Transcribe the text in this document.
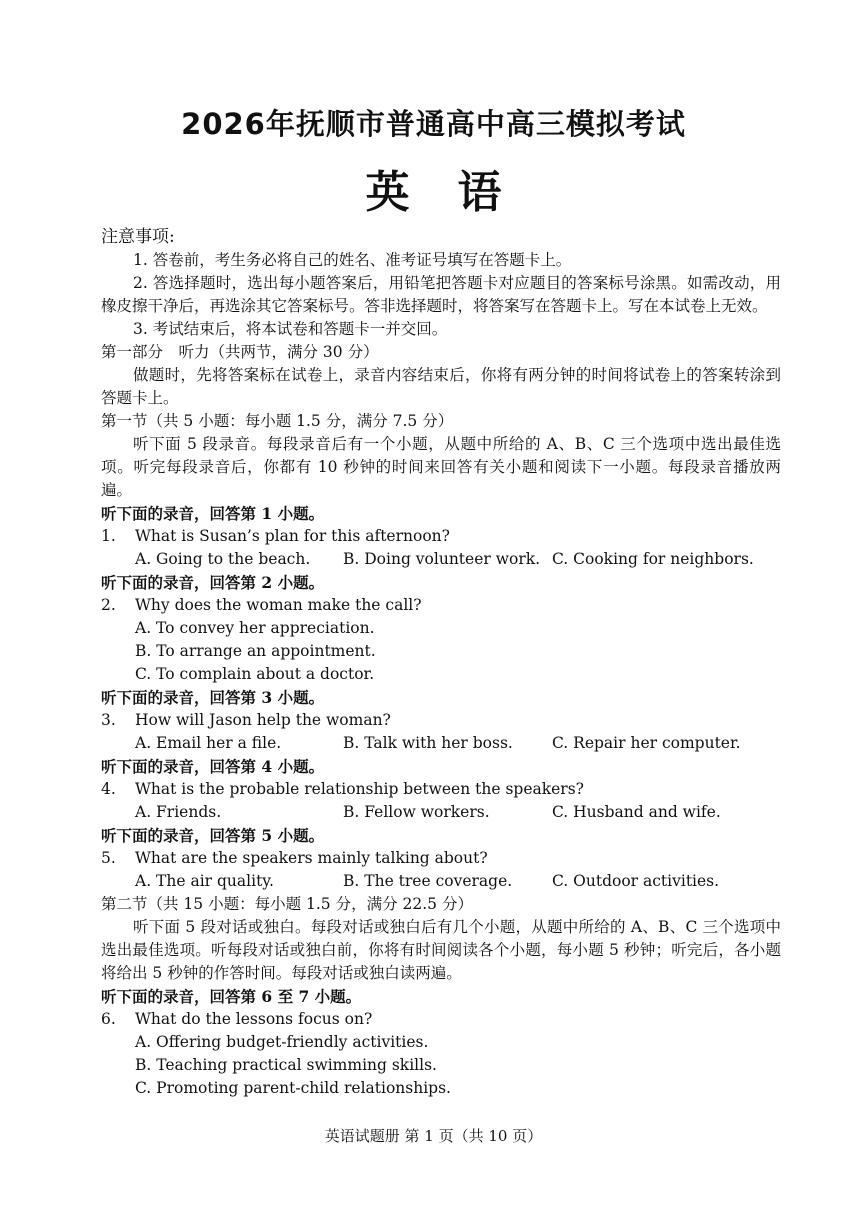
2026年抚顺市普通高中高三模拟考试
英语

注意事项:

1. 答卷前，考生务必将自己的姓名、准考证号填写在答题卡上。

2. 答选择题时，选出每小题答案后，用铅笔把答题卡对应题目的答案标号涂黑。如需改动，用橡皮擦干净后，再选涂其它答案标号。答非选择题时，将答案写在答题卡上。写在本试卷上无效。

3. 考试结束后，将本试卷和答题卡一并交回。

第一部分　听力（共两节，满分 30 分）

做题时，先将答案标在试卷上，录音内容结束后，你将有两分钟的时间将试卷上的答案转涂到答题卡上。

第一节（共 5 小题：每小题 1.5 分，满分 7.5 分）

听下面 5 段录音。每段录音后有一个小题，从题中所给的 A、B、C 三个选项中选出最佳选项。听完每段录音后，你都有 10 秒钟的时间来回答有关小题和阅读下一小题。每段录音播放两遍。

听下面的录音，回答第 1 小题。

1.	What is Susan’s plan for this afternoon?
A. Going to the beach.	B. Doing volunteer work. C. Cooking for neighbors.

听下面的录音，回答第 2 小题。

2.	Why does the woman make the call?

A. To convey her appreciation.

B. To arrange an appointment.

C. To complain about a doctor.

听下面的录音，回答第 3 小题。

3.	How will Jason help the woman?
A. Email her a file.	B. Talk with her boss.	C. Repair her computer.

听下面的录音，回答第 4 小题。

4.	What is the probable relationship between the speakers?
A. Friends.	B. Fellow workers.	C. Husband and wife.

听下面的录音，回答第 5 小题。

5.	What are the speakers mainly talking about?
A. The air quality.	B. The tree coverage.	C. Outdoor activities.

第二节（共 15 小题：每小题 1.5 分，满分 22.5 分）

听下面 5 段对话或独白。每段对话或独白后有几个小题，从题中所给的 A、B、C 三个选项中选出最佳选项。听每段对话或独白前，你将有时间阅读各个小题，每小题 5 秒钟；听完后，各小题将给出 5 秒钟的作答时间。每段对话或独白读两遍。

听下面的录音，回答第 6 至 7 小题。

6.	What do the lessons focus on?

A. Offering budget-friendly activities.

B. Teaching practical swimming skills.

C. Promoting parent-child relationships.

英语试题册 第 1 页（共 10 页）
